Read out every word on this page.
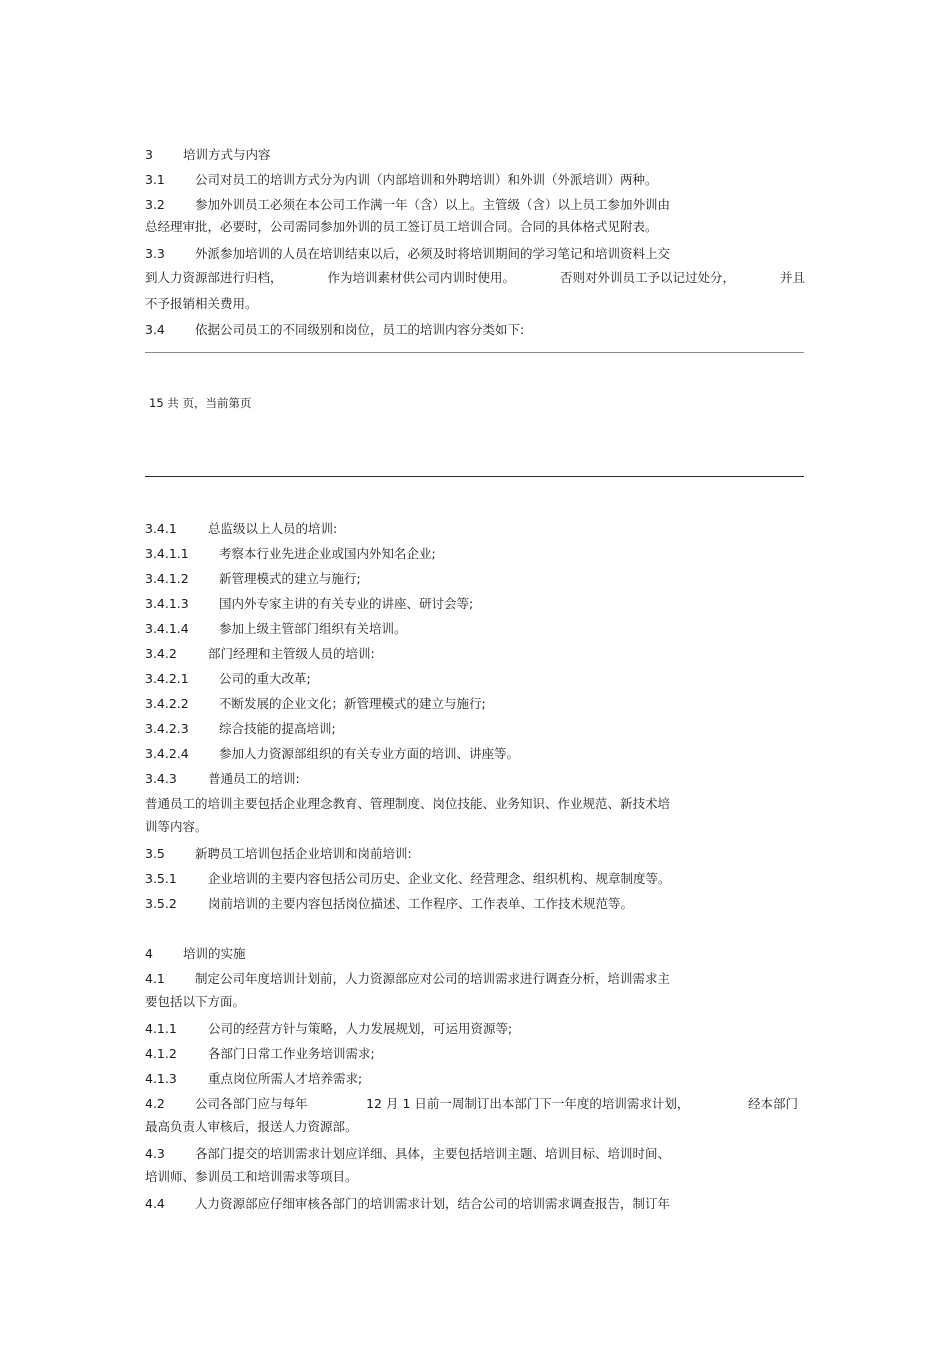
3 培训方式与内容
3.1 公司对员工的培训方式分为内训（内部培训和外聘培训）和外训（外派培训）两种。
3.2 参加外训员工必须在本公司工作满一年（含）以上。主管级（含）以上员工参加外训由
总经理审批，必要时，公司需同参加外训的员工签订员工培训合同。合同的具体格式见附表。
3.3 外派参加培训的人员在培训结束以后，必须及时将培训期间的学习笔记和培训资料上交
到人力资源部进行归档，	作为培训素材供公司内训时使用。	否则对外训员工予以记过处分，	并且
不予报销相关费用。
3.4 依据公司员工的不同级别和岗位，员工的培训内容分类如下:
15 共 页，当前第页
3.4.1 总监级以上人员的培训:
3.4.1.1 考察本行业先进企业或国内外知名企业;
3.4.1.2 新管理模式的建立与施行;
3.4.1.3 国内外专家主讲的有关专业的讲座、研讨会等;
3.4.1.4 参加上级主管部门组织有关培训。
3.4.2 部门经理和主管级人员的培训:
3.4.2.1 公司的重大改革;
3.4.2.2 不断发展的企业文化；新管理模式的建立与施行;
3.4.2.3 综合技能的提高培训;
3.4.2.4 参加人力资源部组织的有关专业方面的培训、讲座等。
3.4.3 普通员工的培训:
普通员工的培训主要包括企业理念教育、管理制度、岗位技能、业务知识、作业规范、新技术培
训等内容。
3.5 新聘员工培训包括企业培训和岗前培训:
3.5.1 企业培训的主要内容包括公司历史、企业文化、经营理念、组织机构、规章制度等。
3.5.2 岗前培训的主要内容包括岗位描述、工作程序、工作表单、工作技术规范等。
4 培训的实施
4.1 制定公司年度培训计划前，人力资源部应对公司的培训需求进行调查分析，培训需求主
要包括以下方面。
4.1.1 公司的经营方针与策略，人力发展规划，可运用资源等;
4.1.2 各部门日常工作业务培训需求;
4.1.3 重点岗位所需人才培养需求;
4.2 公司各部门应与每年	12 月 1 日前一周制订出本部门下一年度的培训需求计划，	经本部门
最高负责人审核后，报送人力资源部。
4.3 各部门提交的培训需求计划应详细、具体，主要包括培训主题、培训目标、培训时间、
培训师、参训员工和培训需求等项目。
4.4 人力资源部应仔细审核各部门的培训需求计划，结合公司的培训需求调查报告，制订年
